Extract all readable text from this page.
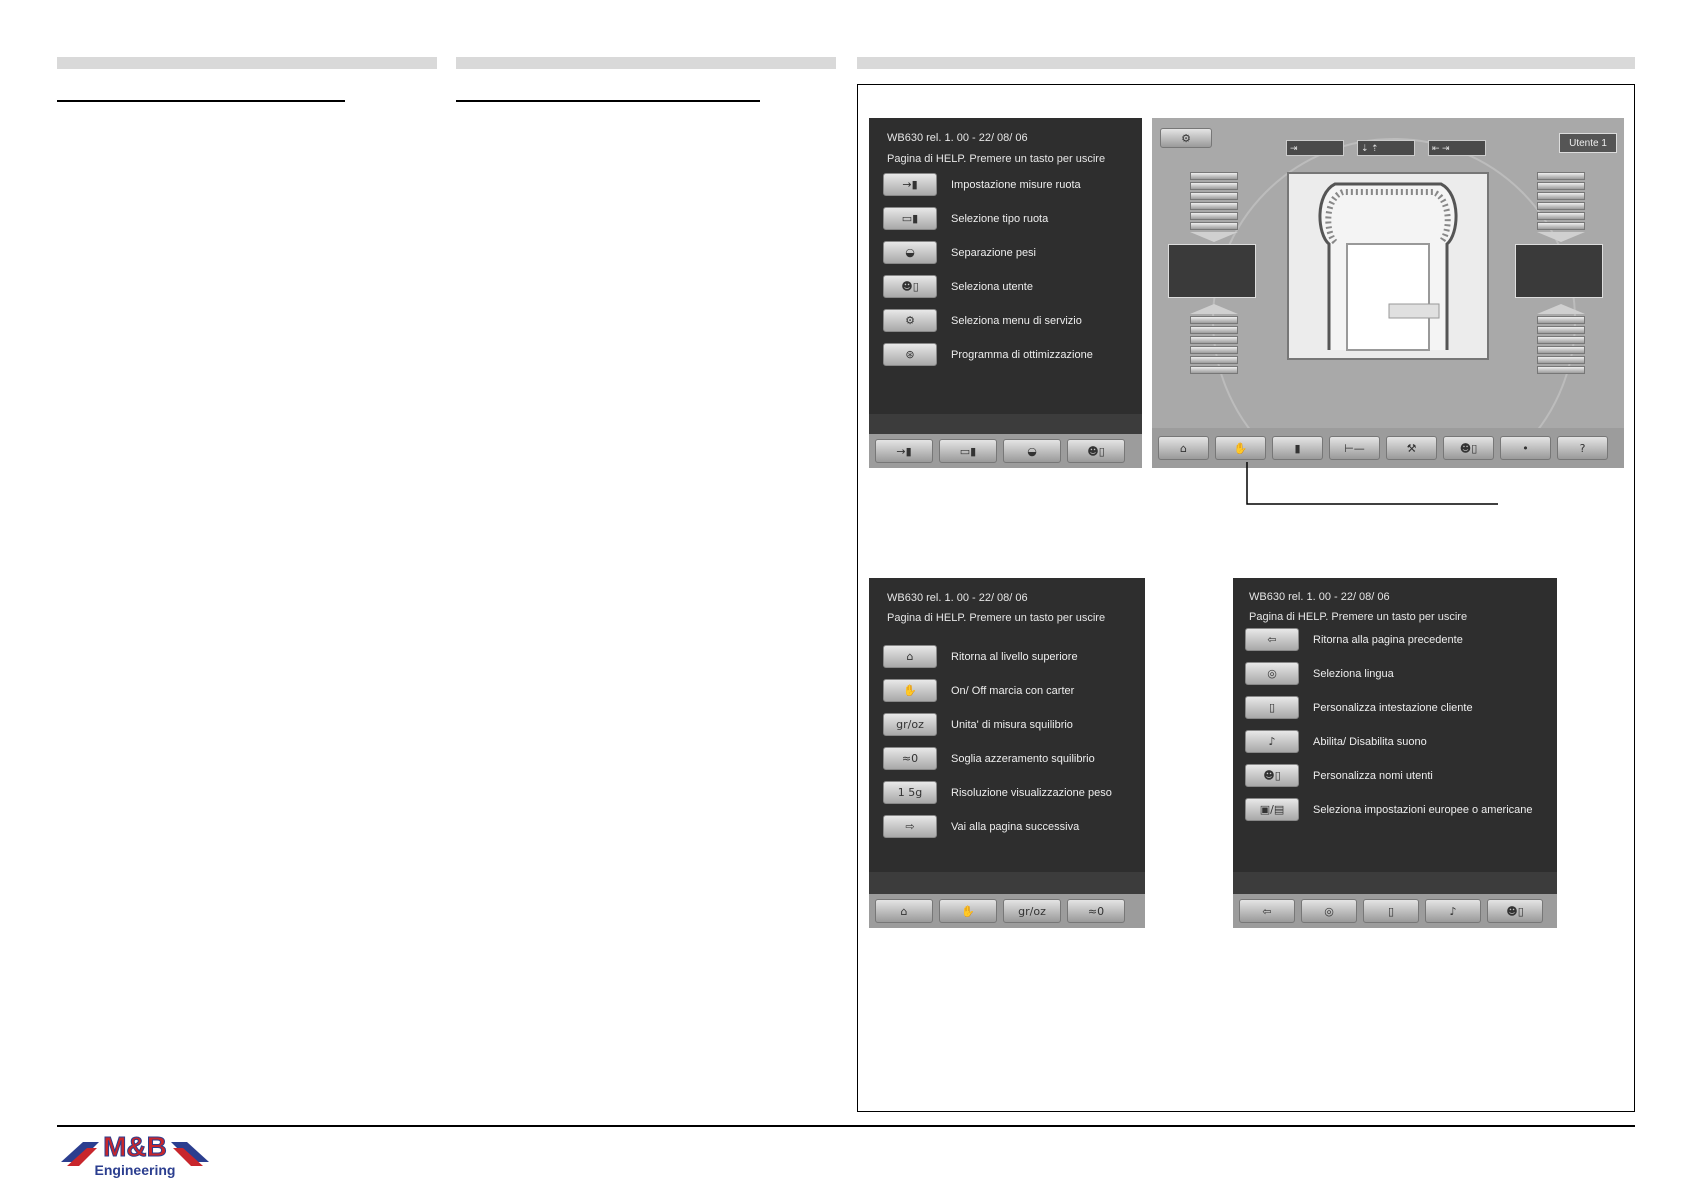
WB630 rel. 1. 00 - 22/ 08/ 06
Pagina di HELP. Premere un tasto per uscire
→▮	Impostazione misure ruota
▭▮	Selezione tipo ruota
◒	Separazione pesi
☻▯	Seleziona utente
⚙	Seleziona menu di servizio
⊛	Programma di ottimizzazione
→▮	▭▮	◒	☻▯
⚙
⇥	⇣ ⇡	⇤ ⇥	Utente 1
⌂	✋	▮	⊢—	⚒	☻▯	•	?
WB630 rel. 1. 00 - 22/ 08/ 06
Pagina di HELP. Premere un tasto per uscire
⌂	Ritorna al livello superiore
✋	On/ Off marcia con carter
gr/oz	Unita' di misura squilibrio
≈0	Soglia azzeramento squilibrio
1 5g	Risoluzione visualizzazione peso
⇨	Vai alla pagina successiva
⌂	✋	gr/oz	≈0
WB630 rel. 1. 00 - 22/ 08/ 06
Pagina di HELP. Premere un tasto per uscire
⇦	Ritorna alla pagina precedente
◎	Seleziona lingua
▯	Personalizza intestazione cliente
♪	Abilita/ Disabilita suono
☻▯	Personalizza nomi utenti
▣/▤	Seleziona impostazioni europee o americane
⇦	◎	▯	♪	☻▯
M&B
Engineering
